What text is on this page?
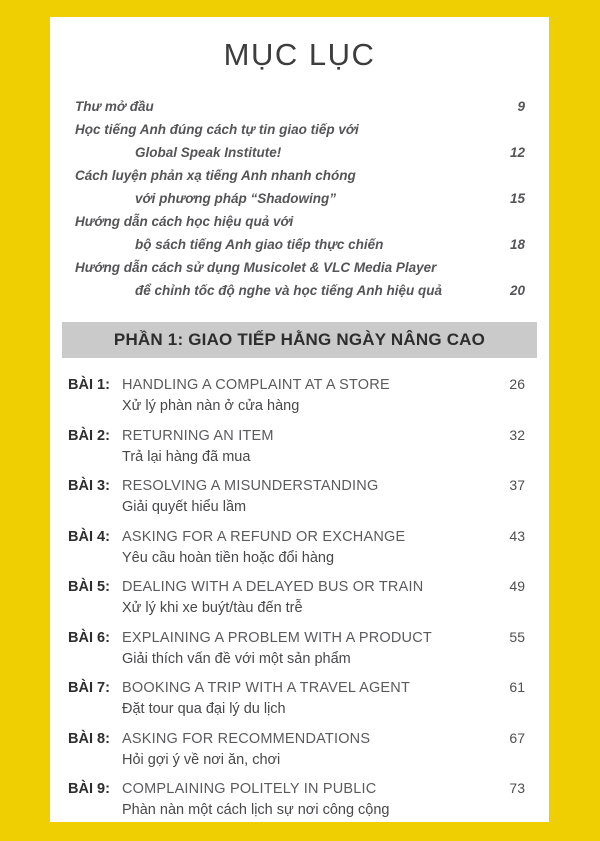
MỤC LỤC
Thư mở đầu	9
Học tiếng Anh đúng cách tự tin giao tiếp với
Global Speak Institute!	12
Cách luyện phản xạ tiếng Anh nhanh chóng
với phương pháp “Shadowing”	15
Hướng dẫn cách học hiệu quả với
bộ sách tiếng Anh giao tiếp thực chiến	18
Hướng dẫn cách sử dụng Musicolet & VLC Media Player
để chỉnh tốc độ nghe và học tiếng Anh hiệu quả	20
PHẦN 1: GIAO TIẾP HẰNG NGÀY NÂNG CAO
BÀI 1: HANDLING A COMPLAINT AT A STORE	26
Xử lý phàn nàn ở cửa hàng
BÀI 2: RETURNING AN ITEM	32
Trả lại hàng đã mua
BÀI 3: RESOLVING A MISUNDERSTANDING	37
Giải quyết hiểu lầm
BÀI 4: ASKING FOR A REFUND OR EXCHANGE	43
Yêu cầu hoàn tiền hoặc đổi hàng
BÀI 5: DEALING WITH A DELAYED BUS OR TRAIN	49
Xử lý khi xe buýt/tàu đến trễ
BÀI 6: EXPLAINING A PROBLEM WITH A PRODUCT	55
Giải thích vấn đề với một sản phẩm
BÀI 7: BOOKING A TRIP WITH A TRAVEL AGENT	61
Đặt tour qua đại lý du lịch
BÀI 8: ASKING FOR RECOMMENDATIONS	67
Hỏi gợi ý về nơi ăn, chơi
BÀI 9: COMPLAINING POLITELY IN PUBLIC	73
Phàn nàn một cách lịch sự nơi công cộng
